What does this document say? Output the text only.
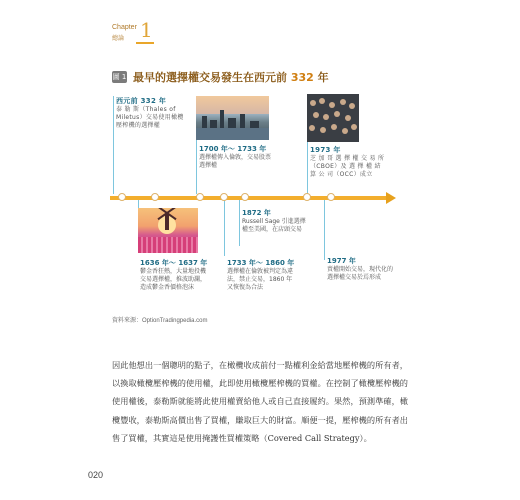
Chapter 1
總論
圖 1 最早的選擇權交易發生在西元前 332 年
西元前 332 年
泰 勒 斯（Thales of Miletus）交易使用橄欖壓榨機的選擇權
1700 年～ 1733 年
選擇權傳入倫敦，交易股票選擇權
1973 年
芝 加 哥 選 擇 權 交 易 所（CBOE）及 選 擇 權 結 算 公 司（OCC）成立
1872 年
Russell Sage 引進選擇權至美國，在店頭交易
1636 年～ 1637 年
鬱金香狂熱，大量地投機交易選擇權，推波助瀾，造成鬱金香價格泡沫
1733 年～ 1860 年
選擇權在倫敦被判定為違法，禁止交易，1860 年又恢復為合法
1977 年
賣權開始交易，現代化的選擇權交易於焉形成
資料來源：OptionTradingpedia.com
因此他想出一個聰明的點子，在橄欖收成前付一點權利金給當地壓榨機的所有者，以換取橄欖壓榨機的使用權，此即使用橄欖壓榨機的買權。在控制了橄欖壓榨機的使用權後，泰勒斯就能將此使用權賣給他人或自己直接履約。果然，預測準確，橄欖豐收，泰勒斯高價出售了買權，賺取巨大的財富。順便一提，壓榨機的所有者出售了買權，其實這是使用掩護性買權策略（Covered Call Strategy）。
020
